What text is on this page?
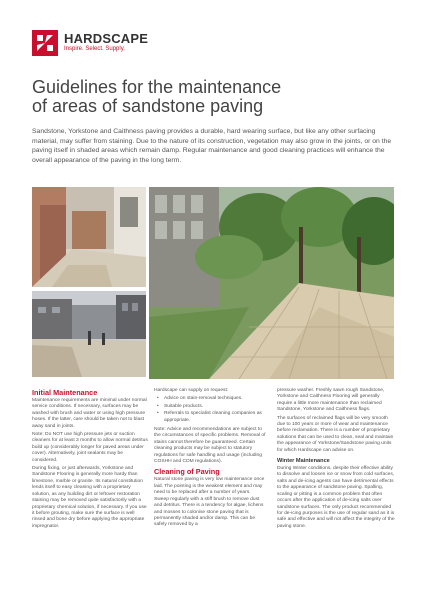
HARDSCAPE
Inspire. Select. Supply.
Guidelines for the maintenance
of areas of sandstone paving

Sandstone, Yorkstone and Caithness paving provides a durable, hard wearing surface, but like any other surfacing material, may suffer from staining. Due to the nature of its construction, vegetation may also grow in the joints, or on the paving itself in shaded areas which remain damp. Regular maintenance and good cleaning practices will enhance the overall appearance of the paving in the long term.

Initial Maintenance

Maintenance requirements are minimal under normal service conditions. If necessary, surfaces may be washed with brush and water or using high pressure hoses. If the latter, care should be taken not to blast away sand in joints.

Note: Do NOT use high pressure jets or suction cleaners for at least 3 months to allow normal detritus build up (considerably longer for paved areas under cover). Alternatively, joint sealants may be considered.

During fixing, or just afterwards, Yorkstone and Sandstone Flooring is generally more hardy than limestone, marble or granite. Its natural constitution lends itself to easy cleaning with a proprietary solution, as any building dirt or leftover restoration staining may be removed quite satisfactorily with a proprietary chemical solution, if necessary. If you use it before grouting, make sure the surface is well rinsed and bone dry before applying the appropriate impregnator.

Hardscape can supply on request:

• Advice on stain-removal techniques.
• Suitable products.
• Referrals to specialist cleaning companies as appropriate.

Note: Advice and recommendations are subject to the circumstances of specific problems. Removal of stains cannot therefore be guaranteed. Certain cleaning products may be subject to statutory regulations for safe handling and usage (including COSHH and CDM regulations).

Cleaning of Paving

Natural stone paving is very low maintenance once laid. The pointing is the weakest element and may need to be replaced after a number of years. Sweep regularly with a stiff brush to remove dust and detritus. There is a tendency for algae, lichens and mosses to colonise stone paving that is permanently shaded and/or damp. This can be safely removed by a

pressure washer. Freshly sawn rough Sandstone, Yorkstone and Caithness Flooring will generally require a little more maintenance than reclaimed Sandstone, Yorkstone and Caithness flags.

The surfaces of reclaimed flags will be very smooth due to 100 years or more of wear and maintenance before reclamation. There is a number of proprietary solutions that can be used to clean, seal and maintain the appearance of Yorkstone/Sandstone paving units for which Hardscape can advise on.

Winter Maintenance

During Winter conditions, despite their effective ability to dissolve and loosen ice or snow from cold surfaces, salts and de-icing agents can have detrimental effects to the appearance of sandstone paving. Spalling, scaling or pitting is a common problem that often occurs after the application of de-icing salts over sandstone surfaces. The only product recommended for de-icing purposes is the use of regular sand as it is safe and effective and will not affect the integrity of the paving stone.
